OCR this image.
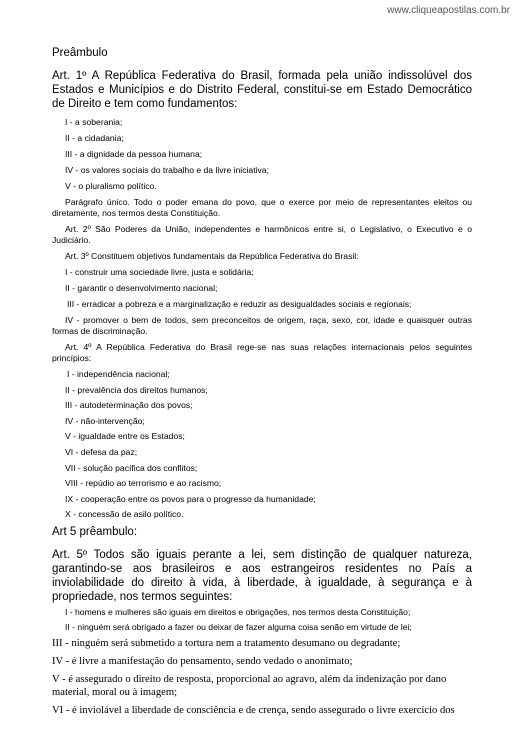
www.cliqueapostilas.com.br

Preâmbulo

Art. 1º A República Federativa do Brasil, formada pela união indissolúvel dos Estados e Municípios e do Distrito Federal, constitui-se em Estado Democrático de Direito e tem como fundamentos:

I - a soberania;

II - a cidadania;

III - a dignidade da pessoa humana;

IV - os valores sociais do trabalho e da livre iniciativa;

V - o pluralismo político.

Parágrafo único. Todo o poder emana do povo, que o exerce por meio de representantes eleitos ou diretamente, nos termos desta Constituição.

Art. 2º São Poderes da União, independentes e harmônicos entre si, o Legislativo, o Executivo e o Judiciário.

Art. 3º Constituem objetivos fundamentais da República Federativa do Brasil:

I - construir uma sociedade livre, justa e solidária;

II - garantir o desenvolvimento nacional;

III - erradicar a pobreza e a marginalização e reduzir as desigualdades sociais e regionais;

IV - promover o bem de todos, sem preconceitos de origem, raça, sexo, cor, idade e quaisquer outras formas de discriminação.

Art. 4º A República Federativa do Brasil rege-se nas suas relações internacionais pelos seguintes princípios:

I - independência nacional;

II - prevalência dos direitos humanos;

III - autodeterminação dos povos;

IV - não-intervenção;

V - igualdade entre os Estados;

VI - defesa da paz;

VII - solução pacífica dos conflitos;

VIII - repúdio ao terrorismo e ao racismo;

IX - cooperação entre os povos para o progresso da humanidade;

X - concessão de asilo político.

Art 5 prêambulo:

Art. 5º Todos são iguais perante a lei, sem distinção de qualquer natureza, garantindo-se aos brasileiros e aos estrangeiros residentes no País a inviolabilidade do direito à vida, à liberdade, à igualdade, à segurança e à propriedade, nos termos seguintes:

I - homens e mulheres são iguais em direitos e obrigações, nos termos desta Constituição;

II - ninguém será obrigado a fazer ou deixar de fazer alguma coisa senão em virtude de lei;

III - ninguém será submetido a tortura nem a tratamento desumano ou degradante;

IV - é livre a manifestação do pensamento, sendo vedado o anonimato;

V - é assegurado o direito de resposta, proporcional ao agravo, além da indenização por dano material, moral ou à imagem;

VI - é inviolável a liberdade de consciência e de crença, sendo assegurado o livre exercício dos
